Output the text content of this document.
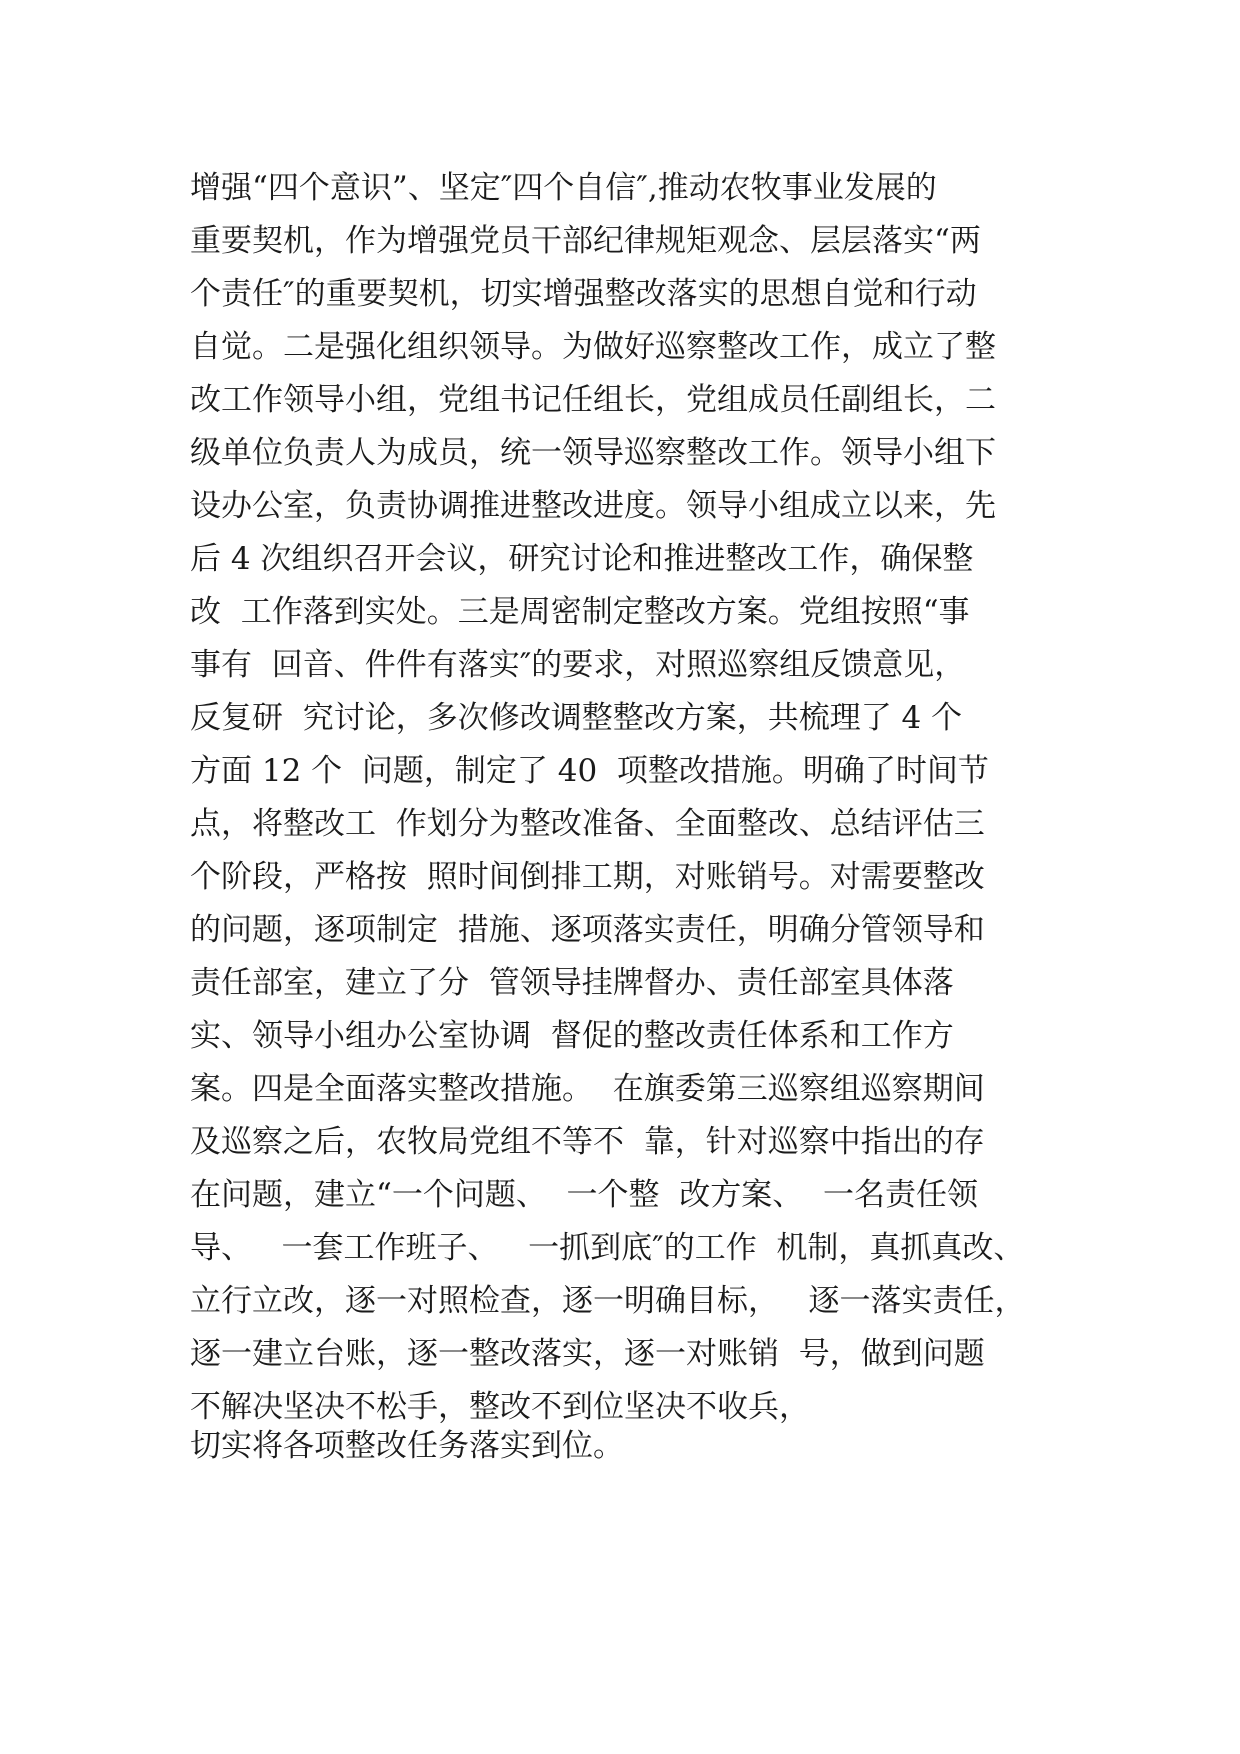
增强“四个意识”、坚定″四个自信″,推动农牧事业发展的
重要契机，作为增强党员干部纪律规矩观念、层层落实“两
个责任″的重要契机，切实增强整改落实的思想自觉和行动
自觉。二是强化组织领导。为做好巡察整改工作，成立了整
改工作领导小组，党组书记任组长，党组成员任副组长，二
级单位负责人为成员，统一领导巡察整改工作。领导小组下
设办公室，负责协调推进整改进度。领导小组成立以来，先
后 4 次组织召开会议，研究讨论和推进整改工作，确保整
改  工作落到实处。三是周密制定整改方案。党组按照“事
事有  回音、件件有落实″的要求，对照巡察组反馈意见，
反复研  究讨论，多次修改调整整改方案，共梳理了 4 个
方面 12 个  问题，制定了 40  项整改措施。明确了时间节
点，将整改工  作划分为整改准备、全面整改、总结评估三
个阶段，严格按  照时间倒排工期，对账销号。对需要整改
的问题，逐项制定  措施、逐项落实责任，明确分管领导和
责任部室，建立了分  管领导挂牌督办、责任部室具体落
实、领导小组办公室协调  督促的整改责任体系和工作方
案。四是全面落实整改措施。  在旗委第三巡察组巡察期间
及巡察之后，农牧局党组不等不  靠，针对巡察中指出的存
在问题，建立“一个问题、  一个整  改方案、  一名责任领
导、   一套工作班子、   一抓到底″的工作  机制，真抓真改、
立行立改，逐一对照检查，逐一明确目标，   逐一落实责任，
逐一建立台账，逐一整改落实，逐一对账销  号，做到问题
不解决坚决不松手，整改不到位坚决不收兵，
切实将各项整改任务落实到位。
